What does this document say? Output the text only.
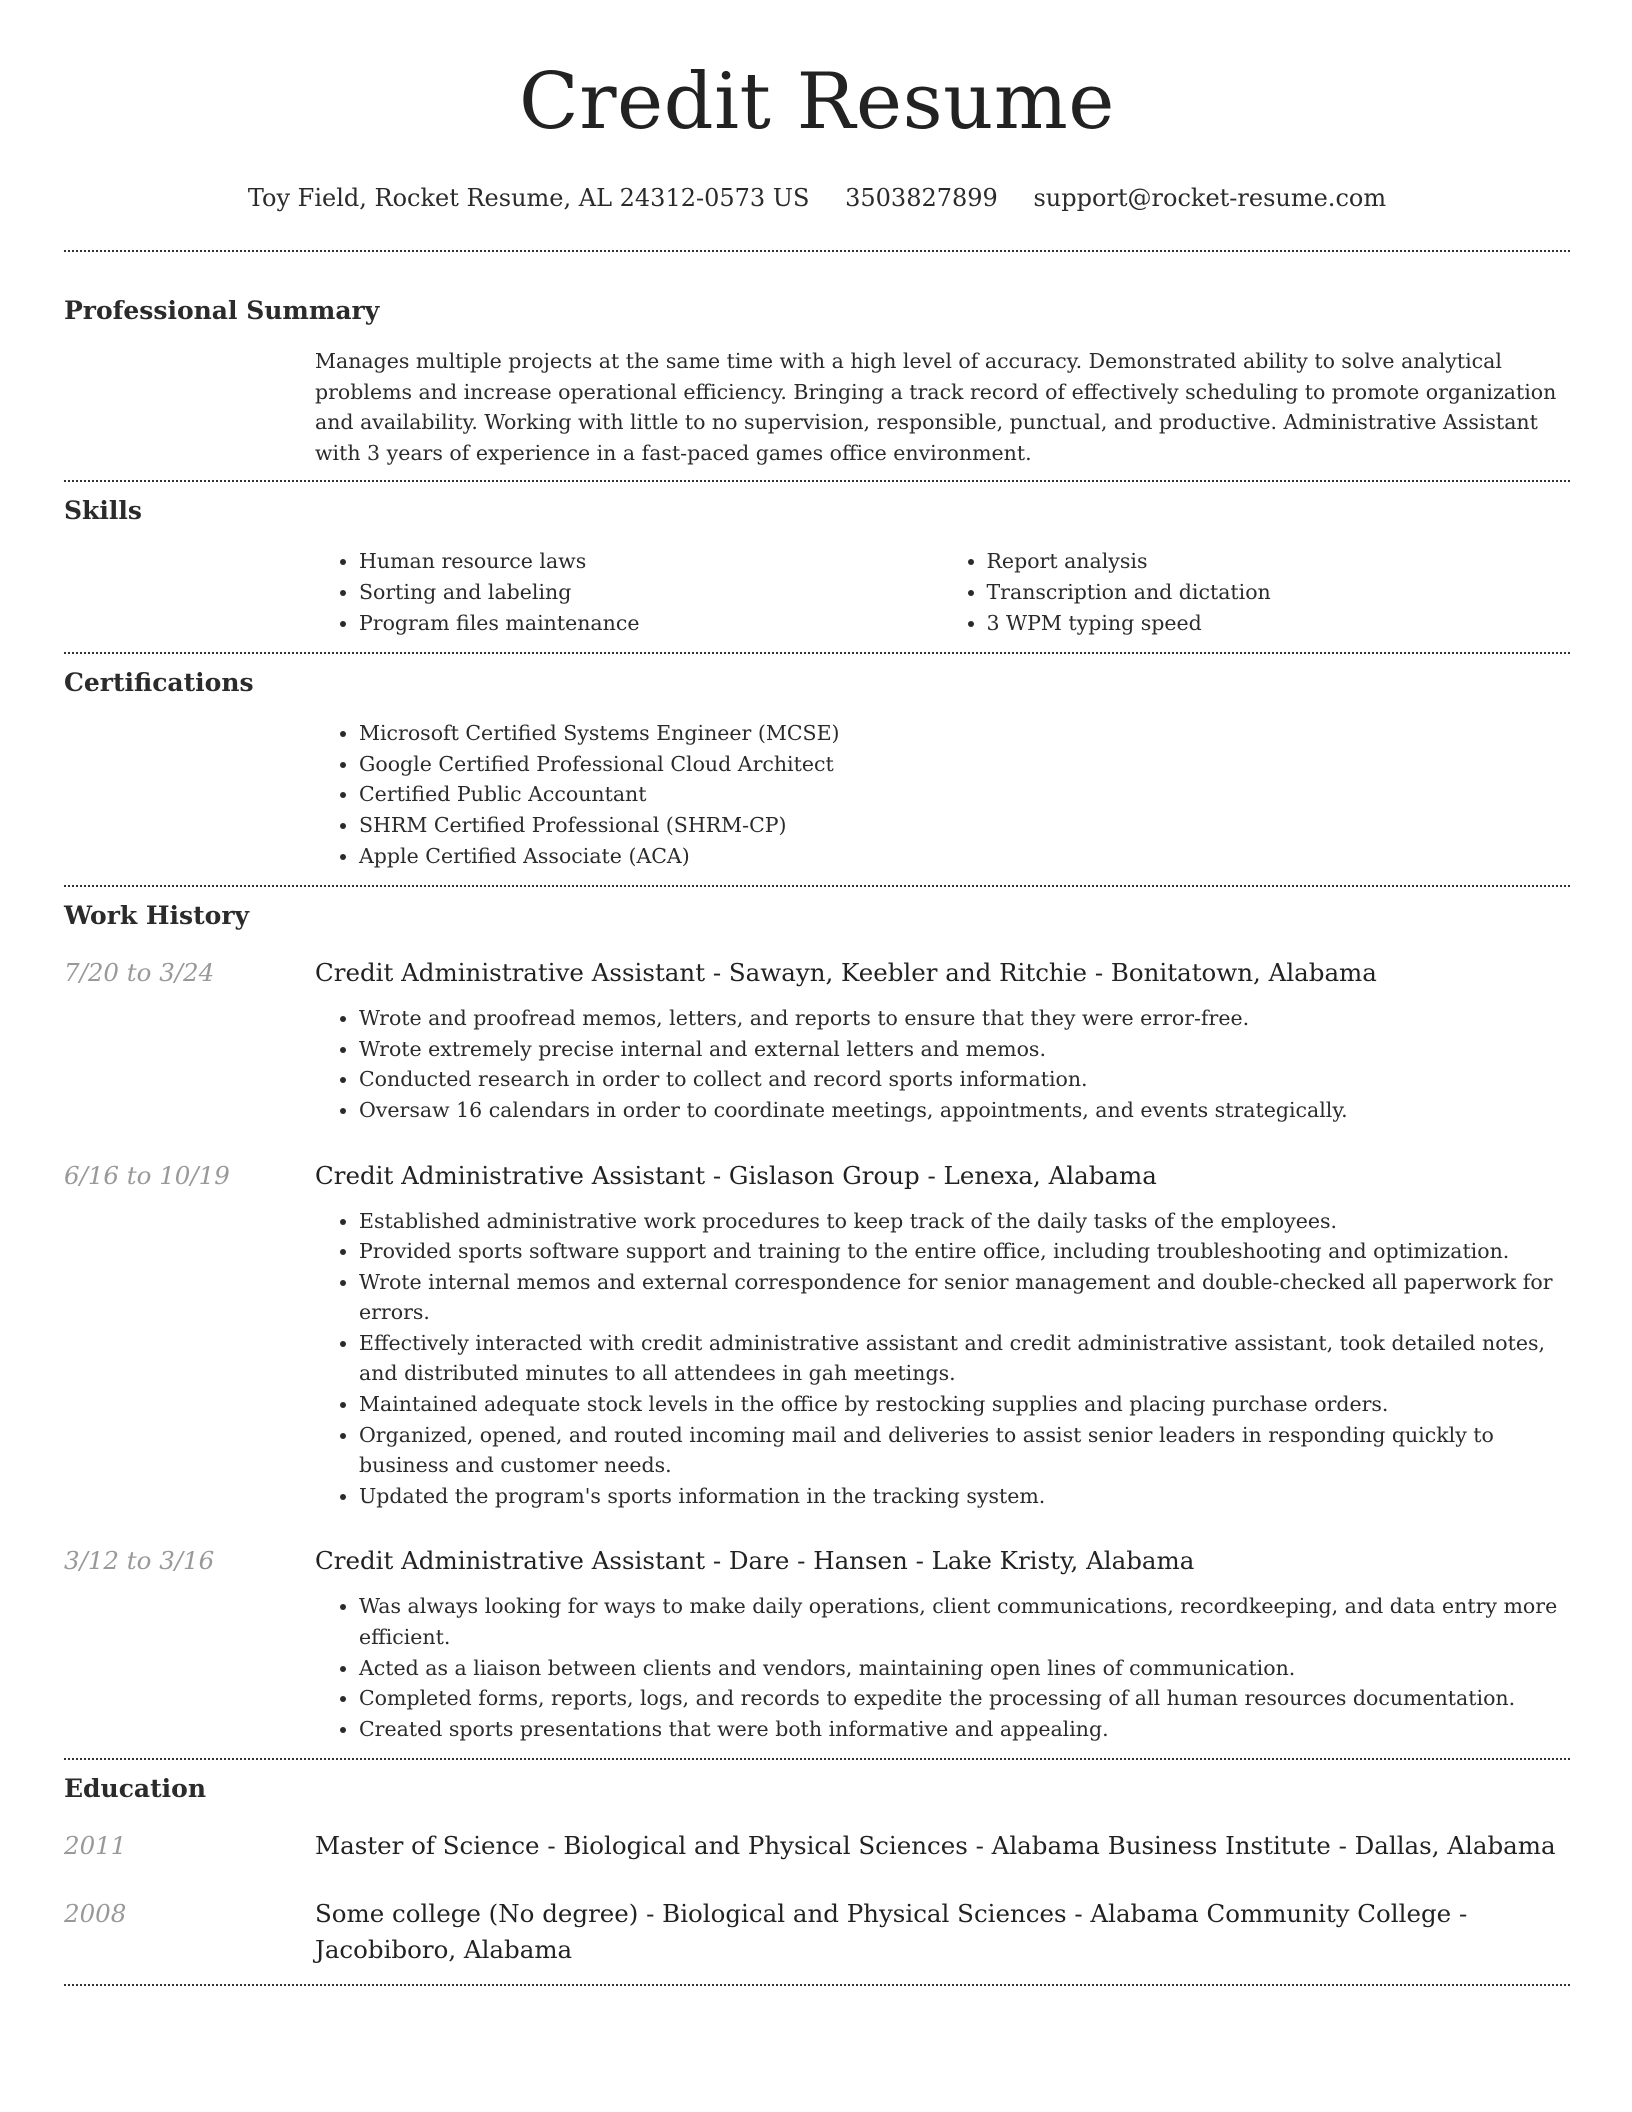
Credit Resume
Toy Field, Rocket Resume, AL 24312-0573 US 3503827899 support@rocket-resume.com
Professional Summary
Manages multiple projects at the same time with a high level of accuracy. Demonstrated ability to solve analytical problems and increase operational efficiency. Bringing a track record of effectively scheduling to promote organization and availability. Working with little to no supervision, responsible, punctual, and productive. Administrative Assistant with 3 years of experience in a fast-paced games office environment.
Skills
• Human resource laws
• Sorting and labeling
• Program files maintenance
• Report analysis
• Transcription and dictation
• 3 WPM typing speed
Certifications
• Microsoft Certified Systems Engineer (MCSE)
• Google Certified Professional Cloud Architect
• Certified Public Accountant
• SHRM Certified Professional (SHRM-CP)
• Apple Certified Associate (ACA)
Work History
7/20 to 3/24	Credit Administrative Assistant - Sawayn, Keebler and Ritchie - Bonitatown, Alabama
• Wrote and proofread memos, letters, and reports to ensure that they were error-free.
• Wrote extremely precise internal and external letters and memos.
• Conducted research in order to collect and record sports information.
• Oversaw 16 calendars in order to coordinate meetings, appointments, and events strategically.
6/16 to 10/19	Credit Administrative Assistant - Gislason Group - Lenexa, Alabama
• Established administrative work procedures to keep track of the daily tasks of the employees.
• Provided sports software support and training to the entire office, including troubleshooting and optimization.
• Wrote internal memos and external correspondence for senior management and double-checked all paperwork for errors.
• Effectively interacted with credit administrative assistant and credit administrative assistant, took detailed notes, and distributed minutes to all attendees in gah meetings.
• Maintained adequate stock levels in the office by restocking supplies and placing purchase orders.
• Organized, opened, and routed incoming mail and deliveries to assist senior leaders in responding quickly to business and customer needs.
• Updated the program's sports information in the tracking system.
3/12 to 3/16	Credit Administrative Assistant - Dare - Hansen - Lake Kristy, Alabama
• Was always looking for ways to make daily operations, client communications, recordkeeping, and data entry more efficient.
• Acted as a liaison between clients and vendors, maintaining open lines of communication.
• Completed forms, reports, logs, and records to expedite the processing of all human resources documentation.
• Created sports presentations that were both informative and appealing.
Education
2011	Master of Science - Biological and Physical Sciences - Alabama Business Institute - Dallas, Alabama
2008	Some college (No degree) - Biological and Physical Sciences - Alabama Community College - Jacobiboro, Alabama
